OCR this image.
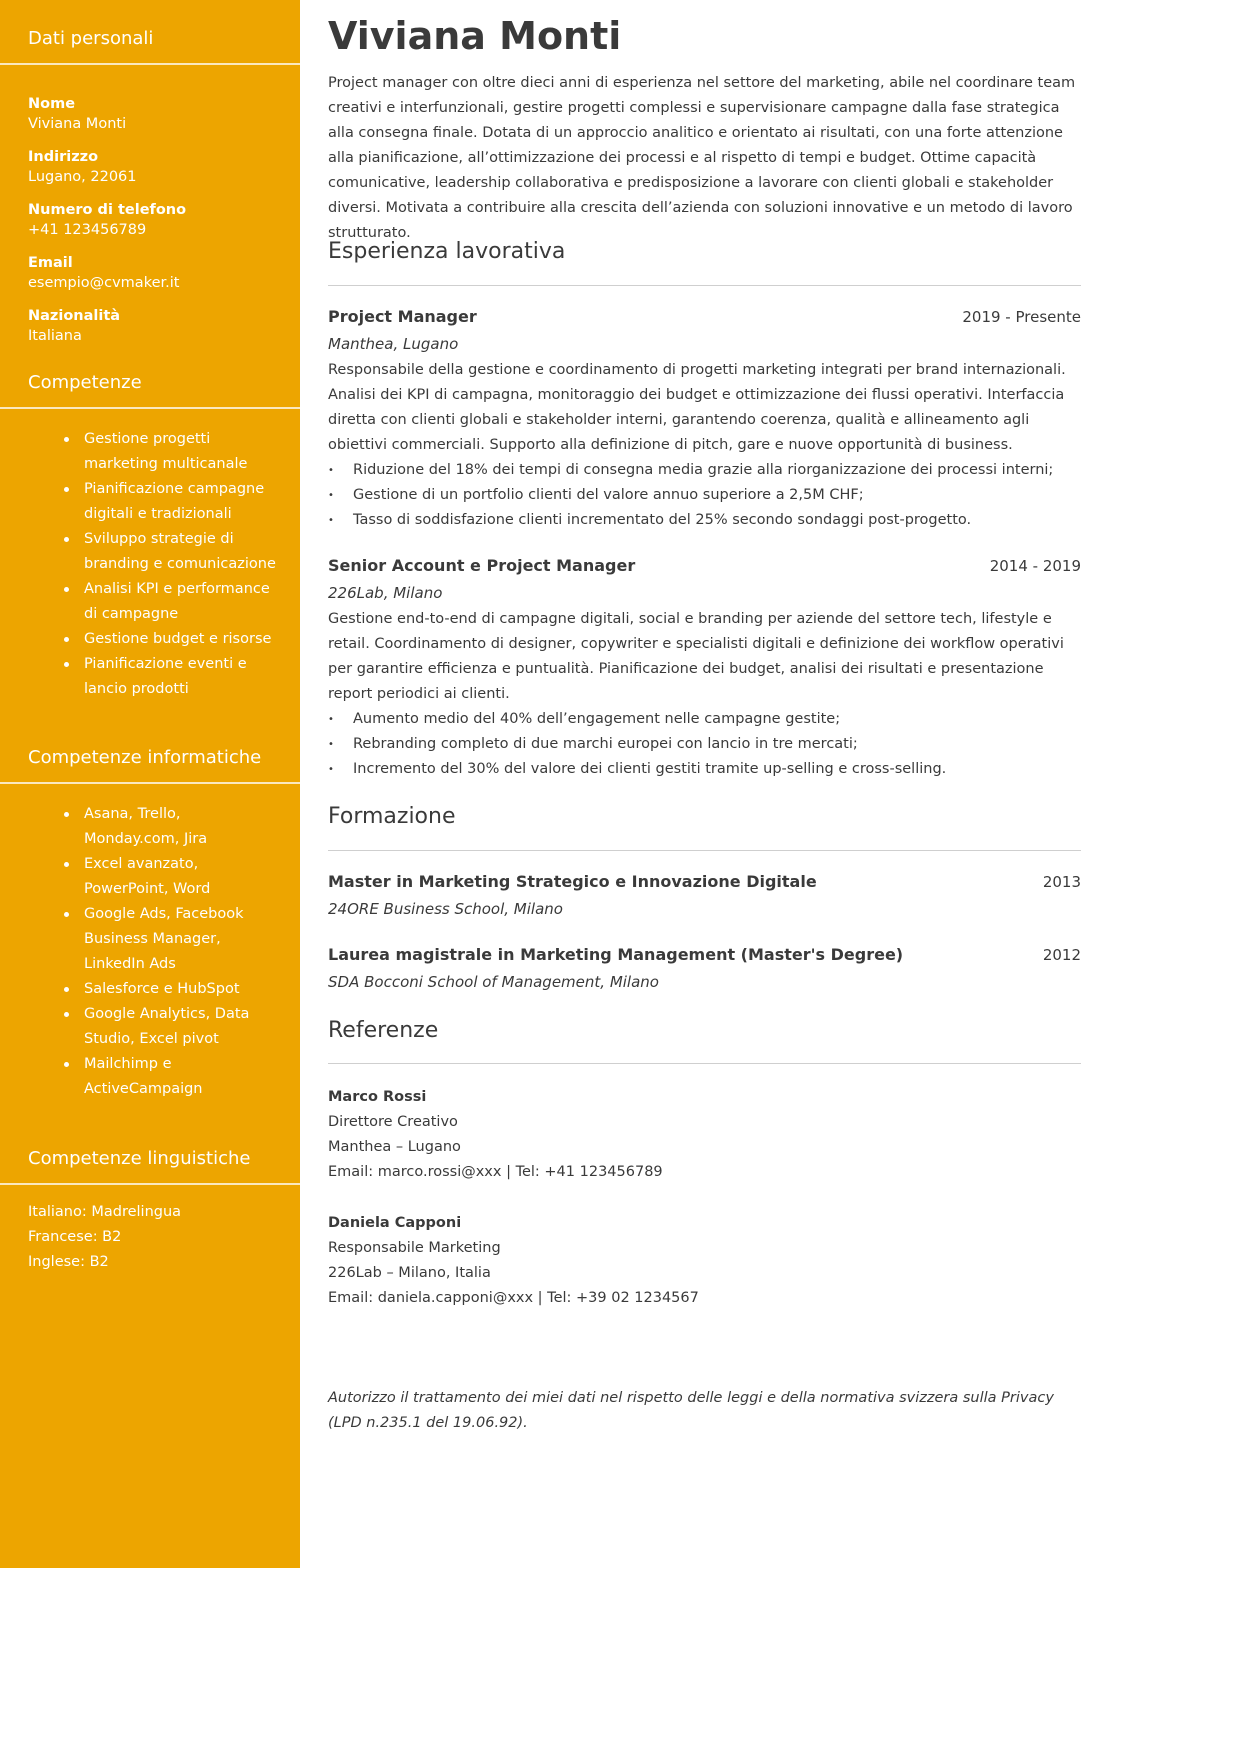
Dati personali
Nome
Viviana Monti
Indirizzo
Lugano, 22061
Numero di telefono
+41 123456789
Email
esempio@cvmaker.it
Nazionalità
Italiana
Competenze
Gestione progetti marketing multicanale
Pianificazione campagne digitali e tradizionali
Sviluppo strategie di branding e comunicazione
Analisi KPI e performance di campagne
Gestione budget e risorse
Pianificazione eventi e lancio prodotti
Competenze informatiche
Asana, Trello, Monday.com, Jira
Excel avanzato, PowerPoint, Word
Google Ads, Facebook Business Manager, LinkedIn Ads
Salesforce e HubSpot
Google Analytics, Data Studio, Excel pivot
Mailchimp e ActiveCampaign
Competenze linguistiche
Italiano: Madrelingua
Francese: B2
Inglese: B2
Viviana Monti

Project manager con oltre dieci anni di esperienza nel settore del marketing, abile nel coordinare team creativi e interfunzionali, gestire progetti complessi e supervisionare campagne dalla fase strategica alla consegna finale. Dotata di un approccio analitico e orientato ai risultati, con una forte attenzione alla pianificazione, all’ottimizzazione dei processi e al rispetto di tempi e budget. Ottime capacità comunicative, leadership collaborativa e predisposizione a lavorare con clienti globali e stakeholder diversi. Motivata a contribuire alla crescita dell’azienda con soluzioni innovative e un metodo di lavoro strutturato.

Esperienza lavorativa
Project Manager	2019 - Presente
Manthea, Lugano

Responsabile della gestione e coordinamento di progetti marketing integrati per brand internazionali. Analisi dei KPI di campagna, monitoraggio dei budget e ottimizzazione dei flussi operativi. Interfaccia diretta con clienti globali e stakeholder interni, garantendo coerenza, qualità e allineamento agli obiettivi commerciali. Supporto alla definizione di pitch, gare e nuove opportunità di business.

• Riduzione del 18% dei tempi di consegna media grazie alla riorganizzazione dei processi interni;
• Gestione di un portfolio clienti del valore annuo superiore a 2,5M CHF;
• Tasso di soddisfazione clienti incrementato del 25% secondo sondaggi post-progetto.
Senior Account e Project Manager	2014 - 2019
226Lab, Milano

Gestione end-to-end di campagne digitali, social e branding per aziende del settore tech, lifestyle e retail. Coordinamento di designer, copywriter e specialisti digitali e definizione dei workflow operativi per garantire efficienza e puntualità. Pianificazione dei budget, analisi dei risultati e presentazione report periodici ai clienti.

• Aumento medio del 40% dell’engagement nelle campagne gestite;
• Rebranding completo di due marchi europei con lancio in tre mercati;
• Incremento del 30% del valore dei clienti gestiti tramite up-selling e cross-selling.
Formazione
Master in Marketing Strategico e Innovazione Digitale	2013
24ORE Business School, Milano
Laurea magistrale in Marketing Management (Master's Degree)	2012
SDA Bocconi School of Management, Milano
Referenze
Marco Rossi
Direttore Creativo
Manthea – Lugano
Email: marco.rossi@xxx | Tel: +41 123456789
Daniela Capponi
Responsabile Marketing
226Lab – Milano, Italia
Email: daniela.capponi@xxx | Tel: +39 02 1234567

Autorizzo il trattamento dei miei dati nel rispetto delle leggi e della normativa svizzera sulla Privacy (LPD n.235.1 del 19.06.92).
